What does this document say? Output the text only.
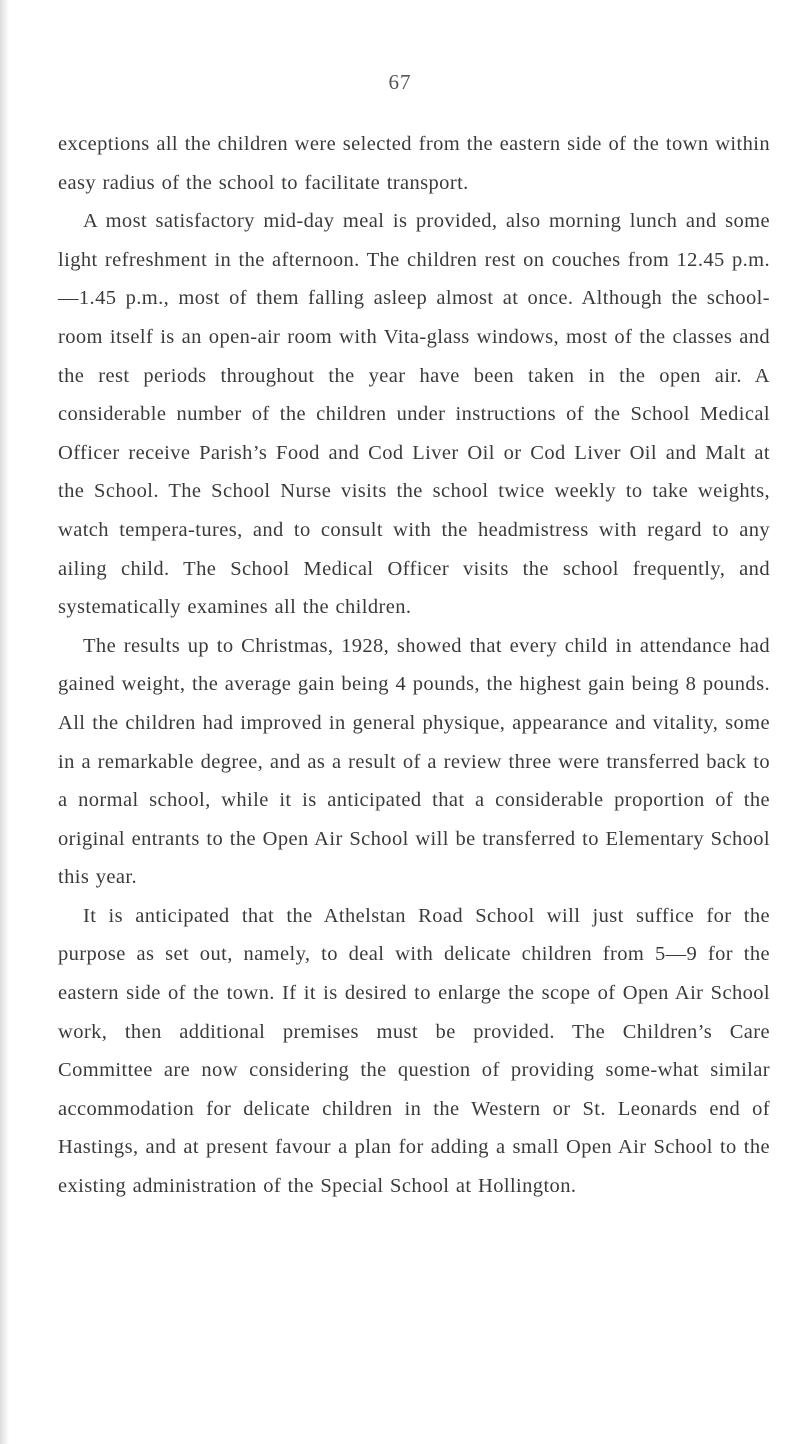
67

exceptions all the children were selected from the eastern side of the town within easy radius of the school to facilitate transport.

A most satisfactory mid-day meal is provided, also morning lunch and some light refreshment in the afternoon. The children rest on couches from 12.45 p.m.—1.45 p.m., most of them falling asleep almost at once. Although the school-room itself is an open-air room with Vita-glass windows, most of the classes and the rest periods throughout the year have been taken in the open air. A considerable number of the children under instructions of the School Medical Officer receive Parish’s Food and Cod Liver Oil or Cod Liver Oil and Malt at the School. The School Nurse visits the school twice weekly to take weights, watch tempera-tures, and to consult with the headmistress with regard to any ailing child. The School Medical Officer visits the school frequently, and systematically examines all the children.

The results up to Christmas, 1928, showed that every child in attendance had gained weight, the average gain being 4 pounds, the highest gain being 8 pounds. All the children had improved in general physique, appearance and vitality, some in a remarkable degree, and as a result of a review three were transferred back to a normal school, while it is anticipated that a considerable proportion of the original entrants to the Open Air School will be transferred to Elementary School this year.

It is anticipated that the Athelstan Road School will just suffice for the purpose as set out, namely, to deal with delicate children from 5—9 for the eastern side of the town. If it is desired to enlarge the scope of Open Air School work, then additional premises must be provided. The Children’s Care Committee are now considering the question of providing some-what similar accommodation for delicate children in the Western or St. Leonards end of Hastings, and at present favour a plan for adding a small Open Air School to the existing administration of the Special School at Hollington.
